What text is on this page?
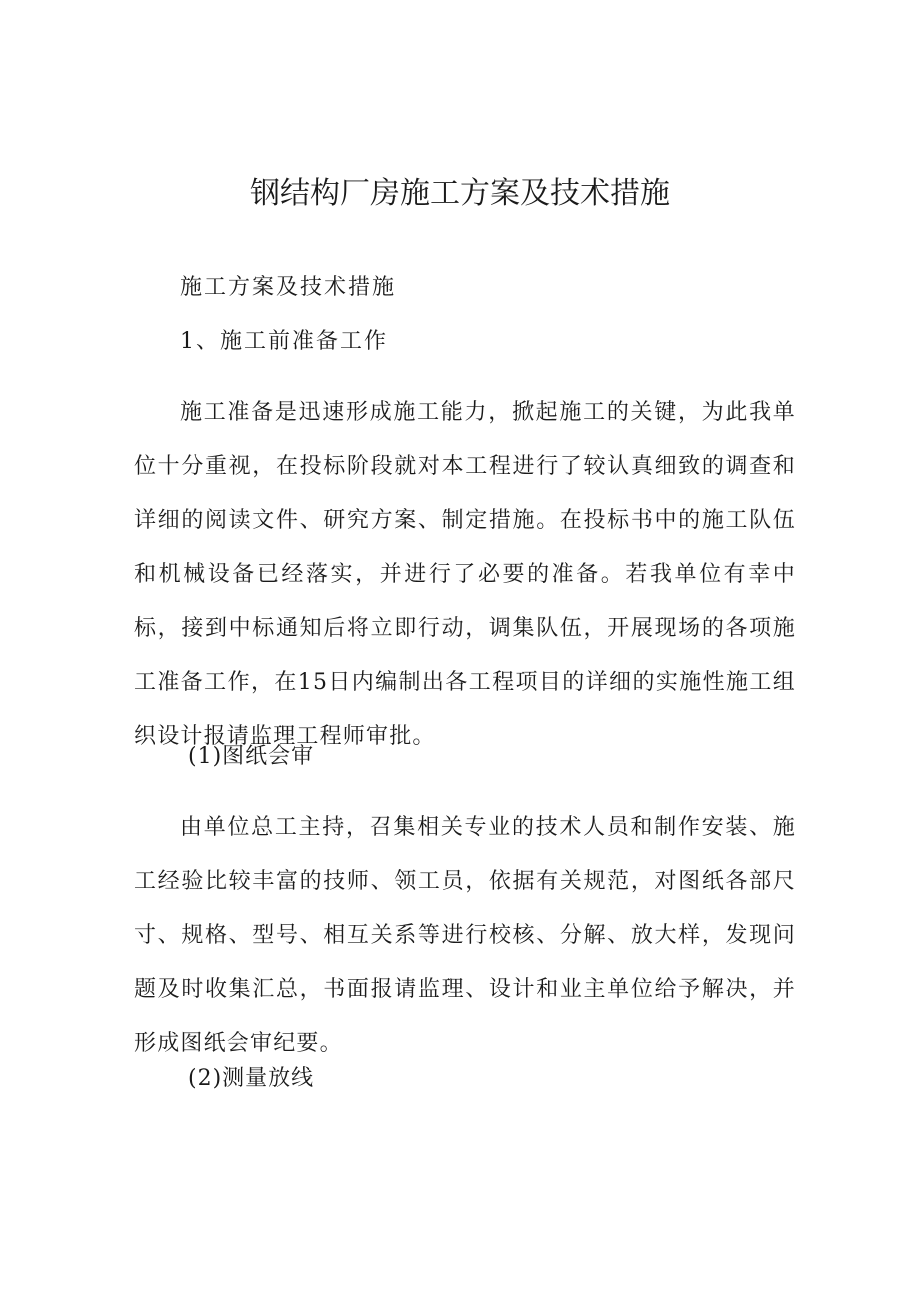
钢结构厂房施工方案及技术措施

施工方案及技术措施

1、施工前准备工作

施工准备是迅速形成施工能力，掀起施工的关键，为此我单位十分重视，在投标阶段就对本工程进行了较认真细致的调查和详细的阅读文件、研究方案、制定措施。在投标书中的施工队伍和机械设备已经落实，并进行了必要的准备。若我单位有幸中标，接到中标通知后将立即行动，调集队伍，开展现场的各项施工准备工作，在15日内编制出各工程项目的详细的实施性施工组织设计报请监理工程师审批。

(1)图纸会审

由单位总工主持，召集相关专业的技术人员和制作安装、施工经验比较丰富的技师、领工员，依据有关规范，对图纸各部尺寸、规格、型号、相互关系等进行校核、分解、放大样，发现问题及时收集汇总，书面报请监理、设计和业主单位给予解决，并形成图纸会审纪要。

(2)测量放线
